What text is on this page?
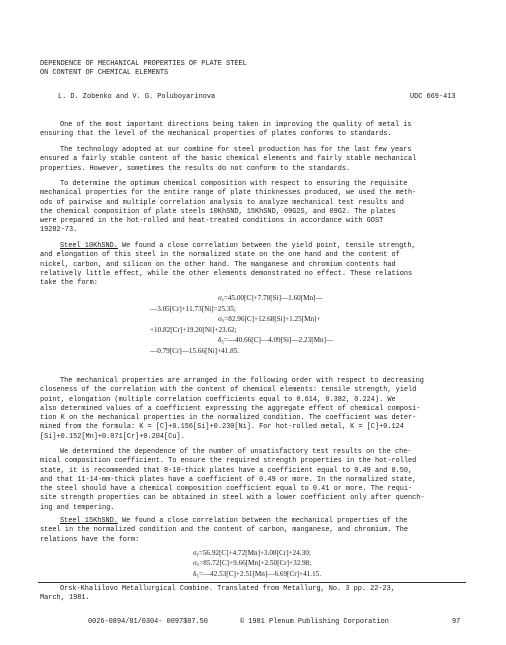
DEPENDENCE OF MECHANICAL PROPERTIES OF PLATE STEEL
ON CONTENT OF CHEMICAL ELEMENTS
L. D. Zobenko and V. G. Poluboyarinova	UDC 669-413
One of the most important directions being taken in improving the quality of metal is
ensuring that the level of the mechanical properties of plates conforms to standards.
The technology adopted at our combine for steel production has for the last few years
ensured a fairly stable content of the basic chemical elements and fairly stable mechanical
properties. However, sometimes the results do not conform to the standards.
To determine the optimum chemical composition with respect to ensuring the requisite
mechanical properties for the entire range of plate thicknesses produced, we used the meth-
ods of pairwise and multiple correlation analysis to analyze mechanical test results and
the chemical composition of plate steels 10KhSND, 15KhSND, 09G2S, and 09G2. The plates
were prepared in the hot-rolled and heat-treated conditions in accordance with GOST
19282-73.
Steel 10KhSND. We found a close correlation between the yield point, tensile strength,
and elongation of this steel in the normalized state on the one hand and the content of
nickel, carbon, and silicon on the other hand. The manganese and chromium contents had
relatively little effect, while the other elements demonstrated no effect. These relations
take the form:
σᵧ=45.00[C]+7.78[Si]—1.60[Mn]—
—3.05[Cr]+11.73[Ni]=25.35;
σᵤ=82.96[C]+12.68[Si]+1.25[Mn]+
+10.82[Cr]+19.20[Ni]+23.62;
δ₅=—40.66[C]—4.09[Si]—2.23[Mn]—
—0.79[Cr]—15.66[Ni]+41.85.
The mechanical properties are arranged in the following order with respect to decreasing
closeness of the correlation with the content of chemical elements: tensile strength, yield
point, elongation (multiple correlation coefficients equal to 0.614, 0.382, 0.224). We
also determined values of a coefficient expressing the aggregate effect of chemical composi-
tion K on the mechanical properties in the normalized condition. The coefficient was deter-
mined from the formula: K = [C]+0.156[Si]+0.230[Ni]. For hot-rolled metal, K = [C]+0.124
[Si]+0.152[Mn]+0.071[Cr]+0.204[Cu].
We determined the dependence of the number of unsatisfactory test results on the che-
mical composition coefficient. To ensure the required strength properties in the hot-rolled
state, it is recommended that 8-10-thick plates have a coefficient equal to 0.49 and 0.50,
and that 11-14-mm-thick plates have a coefficient of 0.49 or more. In the normalized state,
the steel should have a chemical composition coefficient equal to 0.41 or more. The requi-
site strength properties can be obtained in steel with a lower coefficient only after quench-
ing and tempering.
Steel 15KhSND. We found a close correlation between the mechanical properties of the
steel in the normalized condition and the content of carbon, manganese, and chromium. The
relations have the form:
σᵧ=56.92[C]+4.72[Mn]+3.08[Cr]+24.30;
σᵤ=85.72[C]+9.66[Mn]+2.50[Cr]+32.98;
δ₅=—42.53[C]+2.51[Mn]—6.69[Cr]+41.15.
Orsk-Khalilovo Metallurgical Combine. Translated from Metallurg, No. 3 pp. 22-23,
March, 1981.
0026-0894/81/0304- 0097$07.50	© 1981 Plenum Publishing Corporation	97
